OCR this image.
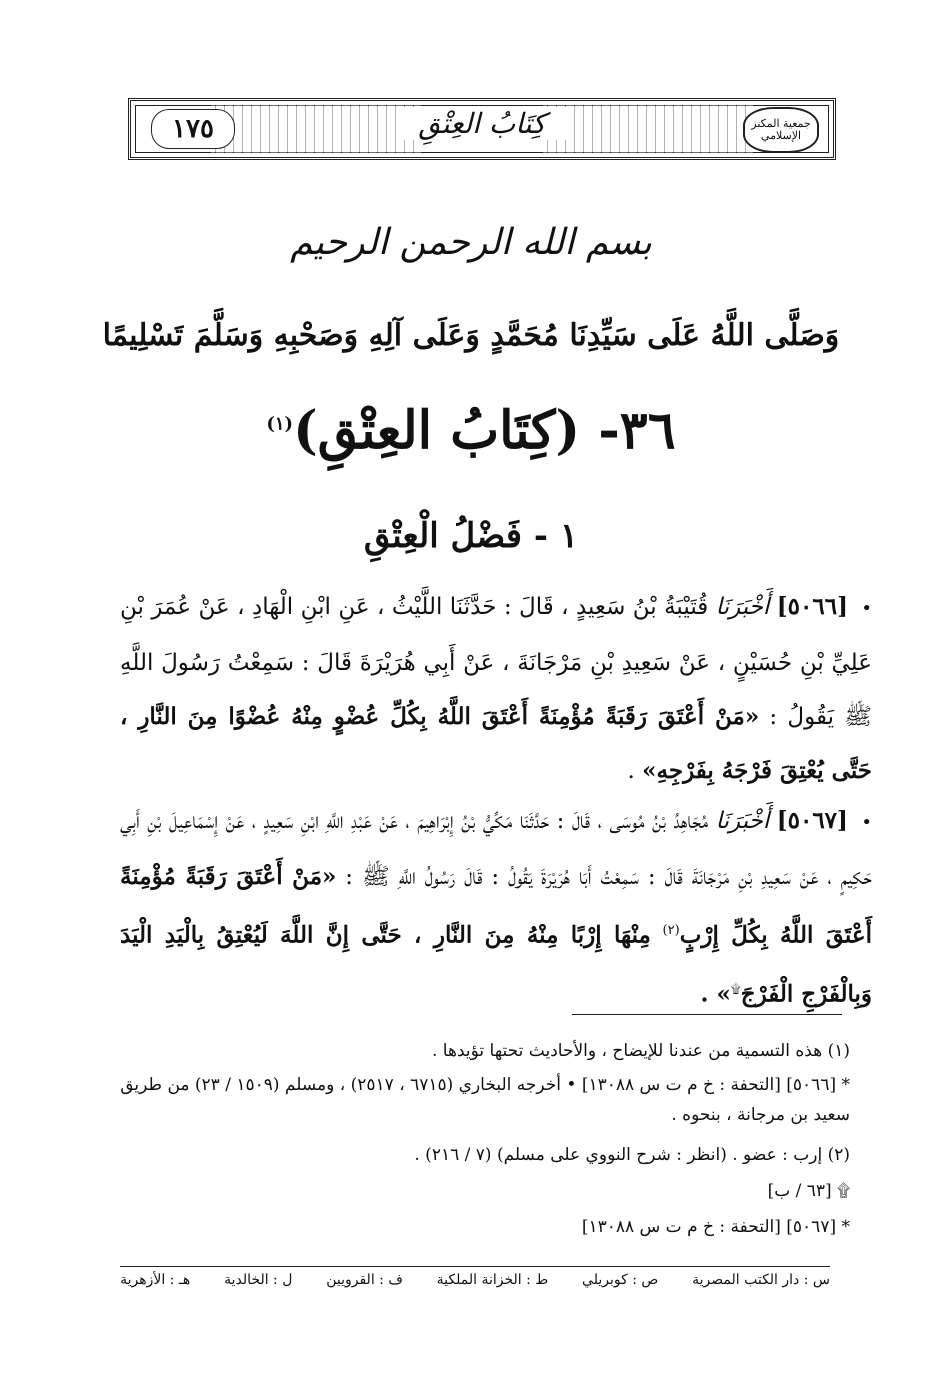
١٧٥	كِتَابُ العِتْقِ	جمعية المكنز الإسلامي
بسم الله الرحمن الرحيم
وَصَلَّى اللَّهُ عَلَى سَيِّدِنَا مُحَمَّدٍ وَعَلَى آلِهِ وَصَحْبِهِ وَسَلَّمَ تَسْلِيمًا
٣٦- (كِتَابُ العِتْقِ)$^{(١)}$
١ - فَضْلُ الْعِتْقِ
• [٥٠٦٦] أَخْبَرَنَا قُتَيْبَةُ بْنُ سَعِيدٍ ، قَالَ : حَدَّثَنَا اللَّيْثُ ، عَنِ ابْنِ الْهَادِ ، عَنْ عُمَرَ بْنِ عَلِيِّ بْنِ حُسَيْنٍ ، عَنْ سَعِيدِ بْنِ مَرْجَانَةَ ، عَنْ أَبِي هُرَيْرَةَ قَالَ : سَمِعْتُ رَسُولَ اللَّهِ ﷺ يَقُولُ : «مَنْ أَعْتَقَ رَقَبَةً مُؤْمِنَةً أَعْتَقَ اللَّهُ بِكُلِّ عُضْوٍ مِنْهُ عُضْوًا مِنَ النَّارِ ، حَتَّى يُعْتِقَ فَرْجَهُ بِفَرْجِهِ» .
• [٥٠٦٧] أَخْبَرَنَا مُجَاهِدُ بْنُ مُوسَى ، قَالَ : حَدَّثَنَا مَكِّيُّ بْنُ إِبْرَاهِيمَ ، عَنْ عَبْدِ اللَّهِ ابْنِ سَعِيدٍ ، عَنْ إِسْمَاعِيلَ بْنِ أَبِي حَكِيمٍ ، عَنْ سَعِيدِ بْنِ مَرْجَانَةَ قَالَ : سَمِعْتُ أَبَا هُرَيْرَةَ يَقُولُ : قَالَ رَسُولُ اللَّهِ ﷺ : «مَنْ أَعْتَقَ رَقَبَةً مُؤْمِنَةً أَعْتَقَ اللَّهُ بِكُلِّ إِرْبٍ$^{(٢)}$ مِنْهَا إِرْبًا مِنْهُ مِنَ النَّارِ ، حَتَّى إِنَّ اللَّهَ لَيُعْتِقُ بِالْيَدِ الْيَدَ وَبِالْفَرْجِ الْفَرْجَ۩» .
(١) هذه التسمية من عندنا للإيضاح ، والأحاديث تحتها تؤيدها .
* [٥٠٦٦] [التحفة : خ م ت س ١٣٠٨٨] • أخرجه البخاري (٦٧١٥ ، ٢٥١٧) ، ومسلم (١٥٠٩ / ٢٣) من طريق سعيد بن مرجانة ، بنحوه .
(٢) إرب : عضو . (انظر : شرح النووي على مسلم) (٧ / ٢١٦) .
۩ [٦٣ / ب]
* [٥٠٦٧] [التحفة : خ م ت س ١٣٠٨٨]
س : دار الكتب المصرية
ص : كوبريلي
ط : الخزانة الملكية
ف : القرويين
ل : الخالدية
هـ : الأزهرية
